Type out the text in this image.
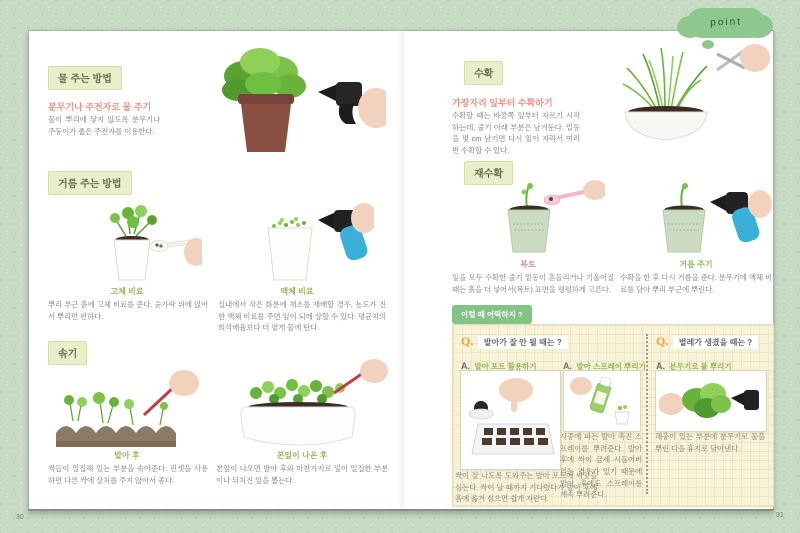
point
물 주는 방법
분무기나 주전자로 물 주기
물이 뿌리에 닿지 않도록 분무기나 주둥이가 좁은 주전자를 이용한다.
거름 주는 방법
고체 비료
뿌리 부근 흙에 고체 비료를 준다. 숟가락 위에 얹어서 뿌리면 편하다.
액체 비료
실내에서 작은 화분에 채소를 재배할 경우, 농도가 진한 액체 비료를 주면 잎이 되레 상할 수 있다. 평균치의 희석배율보다 더 옅게 물에 탄다.
솎기
발아 후
싹들이 밀집해 있는 부분을 솎아준다. 핀셋을 사용하면 다른 싹에 상처를 주지 않아서 좋다.
본잎이 나온 후
본잎이 나오면 발아 후와 마찬가지로 잎이 밀집한 부분이나 뒤처진 잎을 뽑는다.
수확
가장자리 잎부터 수확하기
수확할 때는 바깥쪽 잎부터 자르기 시작하는데, 줄기 아래 부분은 남겨둔다. 밑동을 몇 cm 남기면 다시 잎이 자라서 여러 번 수확할 수 있다.
재수확
복토
잎을 모두 수확한 줄기 밑동이 흔들리거나 기울어질 때는 흙을 더 넣어서(복토) 표면을 평평하게 고른다.
거름 주기
수확을 한 후 다시 거름을 준다. 분무기에 액체 비료를 담아 뿌리 부근에 뿌린다.
이럴 때 어떡하지 ?
Q. 발아가 잘 안 될 때는 ?	Q. 벌레가 생겼을 때는 ?
A. 발아 포트 활용하기	A. 발아 스프레이 뿌리기 A. 분무기로 물 뿌리기
싹이 잘 나도록 도와주는 발아 포트에 씨앗을 심는다. 싹이 날 때까지 기다렸다가 발아 후에 흙에 옮겨 심으면 쉽게 자란다.
시중에 파는 발아 촉진 스프레이를 뿌려준다. 발아 후에 싹이 금세 시들어버리는 경우가 있기 때문에 발아 후에도 스프레이를 계속 뿌려준다.
해충이 있는 부분에 분무기로 물을 뿌린 다음 휴지로 닦아낸다.
30	31
